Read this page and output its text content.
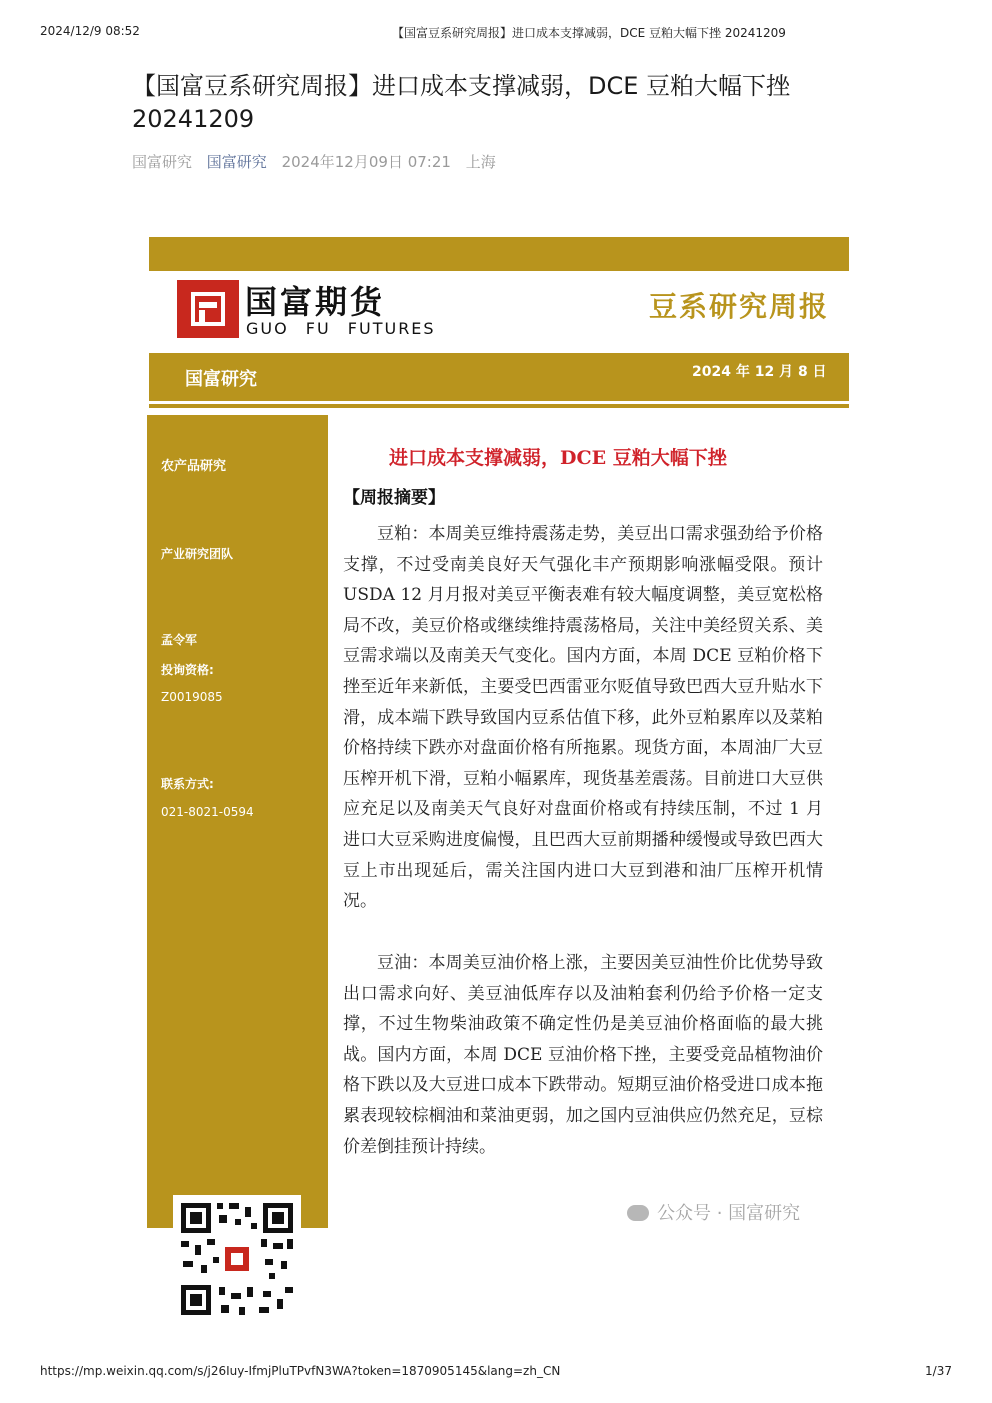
2024/12/9 08:52	【国富豆系研究周报】进口成本支撑减弱，DCE 豆粕大幅下挫 20241209
【国富豆系研究周报】进口成本支撑减弱，DCE 豆粕大幅下挫 20241209
国富研究 国富研究 2024年12月09日 07:21 上海
国富期货
GUO FU FUTURES
豆系研究周报
国富研究	2024 年 12 月 8 日
农产品研究
产业研究团队
孟令军
投询资格:
Z0019085
联系方式:
021-8021-0594
进口成本支撑减弱，DCE 豆粕大幅下挫
【周报摘要】

豆粕：本周美豆维持震荡走势，美豆出口需求强劲给予价格支撑，不过受南美良好天气强化丰产预期影响涨幅受限。预计 USDA 12 月月报对美豆平衡表难有较大幅度调整，美豆宽松格局不改，美豆价格或继续维持震荡格局，关注中美经贸关系、美豆需求端以及南美天气变化。国内方面，本周 DCE 豆粕价格下挫至近年来新低，主要受巴西雷亚尔贬值导致巴西大豆升贴水下滑，成本端下跌导致国内豆系估值下移，此外豆粕累库以及菜粕价格持续下跌亦对盘面价格有所拖累。现货方面，本周油厂大豆压榨开机下滑，豆粕小幅累库，现货基差震荡。目前进口大豆供应充足以及南美天气良好对盘面价格或有持续压制，不过 1 月进口大豆采购进度偏慢，且巴西大豆前期播种缓慢或导致巴西大豆上市出现延后，需关注国内进口大豆到港和油厂压榨开机情况。

豆油：本周美豆油价格上涨，主要因美豆油性价比优势导致出口需求向好、美豆油低库存以及油粕套利仍给予价格一定支撑，不过生物柴油政策不确定性仍是美豆油价格面临的最大挑战。国内方面，本周 DCE 豆油价格下挫，主要受竞品植物油价格下跌以及大豆进口成本下跌带动。短期豆油价格受进口成本拖累表现较棕榈油和菜油更弱，加之国内豆油供应仍然充足，豆棕价差倒挂预计持续。

公众号 · 国富研究
https://mp.weixin.qq.com/s/j26Iuy-IfmjPluTPvfN3WA?token=1870905145&lang=zh_CN	1/37
